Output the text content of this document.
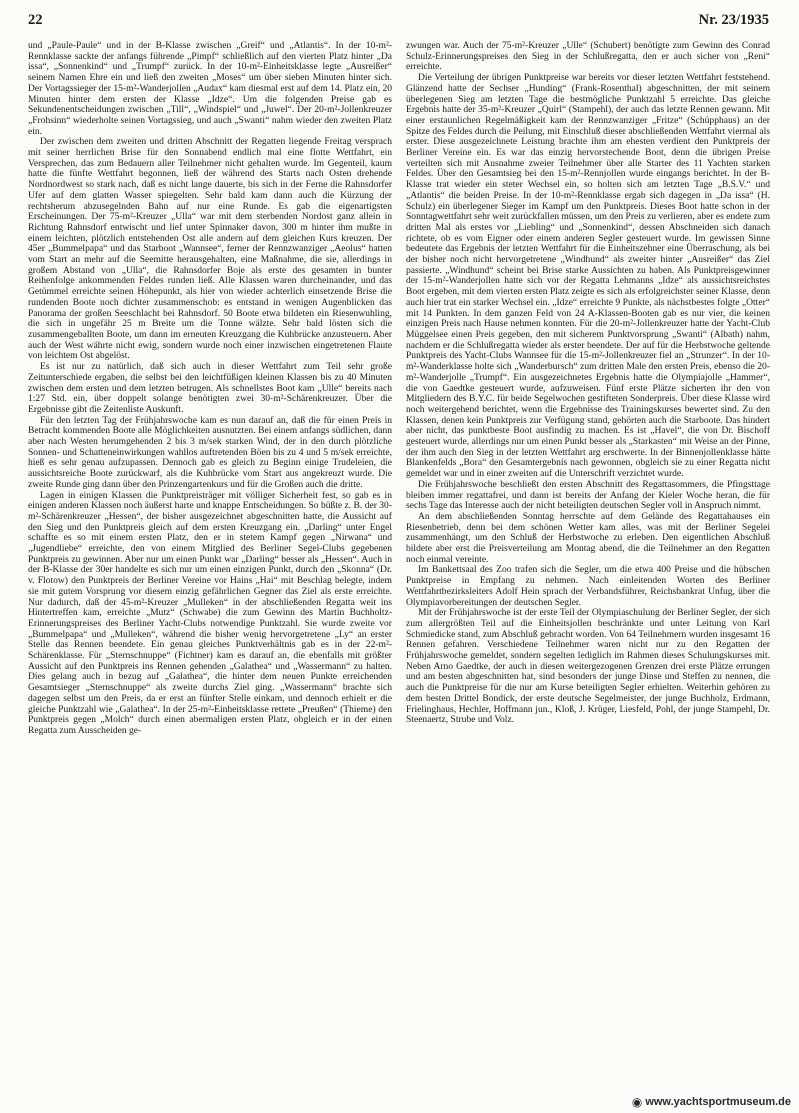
22	Nr. 23/1935

und „Paule-Paule“ und in der B-Klasse zwischen „Greif“ und „Atlantis“. In der 10-m²-Rennklasse sackte der anfangs führende „Pimpf“ schließlich auf den vierten Platz hinter „Da issa“, „Sonnenkind“ und „Trumpf“ zurück. In der 10-m²-Einheitsklasse legte „Ausreißer“ seinem Namen Ehre ein und ließ den zweiten „Moses“ um über sieben Minuten hinter sich. Der Vortagssieger der 15-m²-Wanderjollen „Audax“ kam diesmal erst auf dem 14. Platz ein, 20 Minuten hinter dem ersten der Klasse „Idze“. Um die folgenden Preise gab es Sekundenentscheidungen zwischen „Till“, „Windspiel“ und „Juwel“. Der 20-m²-Jollenkreuzer „Frohsinn“ wiederholte seinen Vortagssieg, und auch „Swanti“ nahm wieder den zweiten Platz ein.

Der zwischen dem zweiten und dritten Abschnitt der Regatten liegende Freitag versprach mit seiner herrlichen Brise für den Sonnabend endlich mal eine flotte Wettfahrt, ein Versprechen, das zum Bedauern aller Teilnehmer nicht gehalten wurde. Im Gegenteil, kaum hatte die fünfte Wettfahrt begonnen, ließ der während des Starts nach Osten drehende Nordnordwest so stark nach, daß es nicht lange dauerte, bis sich in der Ferne die Rahnsdorfer Ufer auf dem glatten Wasser spiegelten. Sehr bald kam dann auch die Kürzung der rechtsherum abzusegelnden Bahn auf nur eine Runde. Es gab die eigenartigsten Erscheinungen. Der 75-m²-Kreuzer „Ulla“ war mit dem sterbenden Nordost ganz allein in Richtung Rahnsdorf entwischt und lief unter Spinnaker davon, 300 m hinter ihm mußte in einem leichten, plötzlich entstehenden Ost alle andern auf dem gleichen Kurs kreuzen. Der 45er „Bummelpapa“ und das Starboot „Wannsee“, ferner der Rennzwanziger „Aeolus“ hatten vom Start an mehr auf die Seemitte herausgehalten, eine Maßnahme, die sie, allerdings in großem Abstand von „Ulla“, die Rahnsdorfer Boje als erste des gesamten in bunter Reihenfolge ankommenden Feldes runden ließ. Alle Klassen waren durcheinander, und das Getümmel erreichte seinen Höhepunkt, als hier von wieder achterlich einsetzende Brise die rundenden Boote noch dichter zusammenschob: es entstand in wenigen Augenblicken das Panorama der großen Seeschlacht bei Rahnsdorf. 50 Boote etwa bildeten ein Riesenwuhling, die sich in ungefähr 25 m Breite um die Tonne wälzte. Sehr bald lösten sich die zusammengeballten Boote, um dann im erneuten Kreuzgang die Kuhbrücke anzusteuern. Aber auch der West währte nicht ewig, sondern wurde noch einer inzwischen eingetretenen Flaute von leichtem Ost abgelöst.

Es ist nur zu natürlich, daß sich auch in dieser Wettfahrt zum Teil sehr große Zeitunterschiede ergaben, die selbst bei den leichtfüßigen kleinen Klassen bis zu 40 Minuten zwischen dem ersten und dem letzten betrugen. Als schnellstes Boot kam „Ulle“ bereits nach 1:27 Std. ein, über doppelt solange benötigten zwei 30-m²-Schärenkreuzer. Über die Ergebnisse gibt die Zeitenliste Auskunft.

Für den letzten Tag der Frühjahrswoche kam es nun darauf an, daß die für einen Preis in Betracht kommenden Boote alle Möglichkeiten ausnutzten. Bei einem anfangs südlichen, dann aber nach Westen herumgehenden 2 bis 3 m/sek starken Wind, der in den durch plötzliche Sonnen- und Schatteneinwirkungen wahllos auftretenden Böen bis zu 4 und 5 m/sek erreichte, hieß es sehr genau aufzupassen. Dennoch gab es gleich zu Beginn einige Trudeleien, die aussichtsreiche Boote zurückwarf, als die Kuhbrücke vom Start aus angekreuzt wurde. Die zweite Runde ging dann über den Prinzengartenkurs und für die Großen auch die dritte.

Lagen in einigen Klassen die Punktpreisträger mit völliger Sicherheit fest, so gab es in einigen anderen Klassen noch äußerst harte und knappe Entscheidungen. So büßte z. B. der 30-m²-Schärenkreuzer „Hessen“, der bisher ausgezeichnet abgeschnitten hatte, die Aussicht auf den Sieg und den Punktpreis gleich auf dem ersten Kreuzgang ein. „Darling“ unter Engel schaffte es so mit einem ersten Platz, den er in stetem Kampf gegen „Nirwana“ und „Jugendliebe“ erreichte, den von einem Mitglied des Berliner Segel-Clubs gegebenen Punktpreis zu gewinnen. Aber nur um einen Punkt war „Darling“ besser als „Hessen“. Auch in der B-Klasse der 30er handelte es sich nur um einen einzigen Punkt, durch den „Skonna“ (Dr. v. Flotow) den Punktpreis der Berliner Vereine vor Hains „Hai“ mit Beschlag belegte, indem sie mit gutem Vorsprung vor diesem einzig gefährlichen Gegner das Ziel als erste erreichte. Nur dadurch, daß der 45-m²-Kreuzer „Mulleken“ in der abschließenden Regatta weit ins Hintertreffen kam, erreichte „Mutz“ (Schwabe) die zum Gewinn des Martin Buchholtz-Erinnerungspreises des Berliner Yacht-Clubs notwendige Punktzahl. Sie wurde zweite vor „Bummelpapa“ und „Mulleken“, während die bisher wenig hervorgetretene „Ly“ an erster Stelle das Rennen beendete. Ein genau gleiches Punktverhältnis gab es in der 22-m²-Schärenklasse. Für „Sternschnuppe“ (Fichtner) kam es darauf an, die ebenfalls mit größter Aussicht auf den Punktpreis ins Rennen gehenden „Galathea“ und „Wassermann“ zu halten. Dies gelang auch in bezug auf „Galathea“, die hinter dem neuen Punkte erreichenden Gesamtsieger „Sternschnuppe“ als zweite durchs Ziel ging. „Wassermann“ brachte sich dagegen selbst um den Preis, da er erst an fünfter Stelle einkam, und dennoch erhielt er die gleiche Punktzahl wie „Galathea“. In der 25-m²-Einheitsklasse rettete „Preußen“ (Thieme) den Punktpreis gegen „Molch“ durch einen abermaligen ersten Platz, obgleich er in der einen Regatta zum Ausscheiden ge-

zwungen war. Auch der 75-m²-Kreuzer „Ulle“ (Schubert) benötigte zum Gewinn des Conrad Schulz-Erinnerungspreises den Sieg in der Schlußregatta, den er auch sicher von „Reni“ erreichte.

Die Verteilung der übrigen Punktpreise war bereits vor dieser letzten Wettfahrt feststehend. Glänzend hatte der Sechser „Hunding“ (Frank-Rosenthal) abgeschnitten, der mit seinem überlegenen Sieg am letzten Tage die bestmögliche Punktzahl 5 erreichte. Das gleiche Ergebnis hatte der 35-m²-Kreuzer „Quirl“ (Stampehl), der auch das letzte Rennen gewann. Mit einer erstaunlichen Regelmäßigkeit kam der Rennzwanziger „Fritze“ (Schüpphaus) an der Spitze des Feldes durch die Peilung, mit Einschluß dieser abschließenden Wettfahrt viermal als erster. Diese ausgezeichnete Leistung brachte ihm am ehesten verdient den Punktpreis der Berliner Vereine ein. Es war das einzig hervorstechende Boot, denn die übrigen Preise verteilten sich mit Ausnahme zweier Teilnehmer über alle Starter des 11 Yachten starken Feldes. Über den Gesamtsieg bei den 15-m²-Rennjollen wurde eingangs berichtet. In der B-Klasse trat wieder ein steter Wechsel ein, so holten sich am letzten Tage „B.S.V.“ und „Atlantis“ die beiden Preise. In der 10-m²-Rennklasse ergab sich dagegen in „Da issa“ (H. Schulz) ein überlegener Sieger im Kampf um den Punktpreis. Dieses Boot hatte schon in der Sonntagwettfahrt sehr weit zurückfallen müssen, um den Preis zu verlieren, aber es endete zum dritten Mal als erstes vor „Liebling“ und „Sonnenkind“, dessen Abschneiden sich danach richtete, ob es vom Eigner oder einem anderen Segler gesteuert wurde. Im gewissen Sinne bedeutete das Ergebnis der letzten Wettfahrt für die Einheitszehner eine Überraschung, als bei der bisher noch nicht hervorgetretene „Windhund“ als zweiter hinter „Ausreißer“ das Ziel passierte. „Windhund“ scheint bei Brise starke Aussichten zu haben. Als Punktpreisgewinner der 15-m²-Wanderjollen hatte sich vor der Regatta Lehmanns „Idze“ als aussichtsreichstes Boot ergeben, mit dem vierten ersten Platz zeigte es sich als erfolgreichster seiner Klasse, denn auch hier trat ein starker Wechsel ein. „Idze“ erreichte 9 Punkte, als nächstbestes folgte „Otter“ mit 14 Punkten. In dem ganzen Feld von 24 A-Klassen-Booten gab es nur vier, die keinen einzigen Preis nach Hause nehmen konnten. Für die 20-m²-Jollenkreuzer hatte der Yacht-Club Müggelsee einen Preis gegeben, den mit sicherem Punktvorsprung „Swanti“ (Albath) nahm, nachdem er die Schlußregatta wieder als erster beendete. Der auf für die Herbstwoche geltende Punktpreis des Yacht-Clubs Wannsee für die 15-m²-Jollenkreuzer fiel an „Strunzer“. In der 10-m²-Wanderklasse holte sich „Wanderbursch“ zum dritten Male den ersten Preis, ebenso die 20-m²-Wanderjolle „Trumpf“. Ein ausgezeichnetes Ergebnis hatte die Olympiajolle „Hammer“, die von Gaedtke gesteuert wurde, aufzuweisen. Fünf erste Plätze sicherten ihr den von Mitgliedern des B.Y.C. für beide Segelwochen gestifteten Sonderpreis. Über diese Klasse wird noch weitergehend berichtet, wenn die Ergebnisse des Trainingskurses bewertet sind. Zu den Klassen, denen kein Punktpreis zur Verfügung stand, gehörten auch die Starboote. Das hindert aber nicht, das punktbeste Boot ausfindig zu machen. Es ist „Havel“, die von Dr. Bischoff gesteuert wurde, allerdings nur um einen Punkt besser als „Starkasten“ mit Weise an der Pinne, der ihm auch den Sieg in der letzten Wettfahrt arg erschwerte. In der Binnenjollenklasse hätte Blankenfelds „Bora“ den Gesamtergebnis nach gewonnen, obgleich sie zu einer Regatta nicht gemeldet war und in einer zweiten auf die Unterschrift verzichtet wurde.

Die Frühjahrswoche beschließt den ersten Abschnitt des Regattasommers, die Pfingsttage bleiben immer regattafrei, und dann ist bereits der Anfang der Kieler Woche heran, die für sechs Tage das Interesse auch der nicht beteiligten deutschen Segler voll in Anspruch nimmt.

An dem abschließenden Sonntag herrschte auf dem Gelände des Regattahauses ein Riesenbetrieb, denn bei dem schönen Wetter kam alles, was mit der Berliner Segelei zusammenhängt, um den Schluß der Herbstwoche zu erleben. Den eigentlichen Abschluß bildete aber erst die Preisverteilung am Montag abend, die die Teilnehmer an den Regatten noch einmal vereinte.

Im Bankettsaal des Zoo trafen sich die Segler, um die etwa 400 Preise und die hübschen Punktpreise in Empfang zu nehmen. Nach einleitenden Worten des Berliner Wettfahrtbezirksleiters Adolf Hein sprach der Verbandsführer, Reichsbankrat Unfug, über die Olympiavorbereitungen der deutschen Segler.

Mit der Frühjahrswoche ist der erste Teil der Olympiaschulung der Berliner Segler, der sich zum allergrößten Teil auf die Einheitsjollen beschränkte und unter Leitung von Karl Schmiedicke stand, zum Abschluß gebracht worden. Von 64 Teilnehmern wurden insgesamt 16 Rennen gefahren. Verschiedene Teilnehmer waren nicht nur zu den Regatten der Frühjahrswoche gemeldet, sondern segelten lediglich im Rahmen dieses Schulungskurses mit. Neben Arno Gaedtke, der auch in diesen weitergezogenen Grenzen drei erste Plätze errungen und am besten abgeschnitten hat, sind besonders der junge Dinse und Steffen zu nennen, die auch die Punktpreise für die nur am Kurse beteiligten Segler erhielten. Weiterhin gehören zu dem besten Drittel Bondick, der erste deutsche Segelmeister, der junge Buchholz, Erdmann, Frielinghaus, Hechler, Hoffmann jun., Kloß, J. Krüger, Liesfeld, Pohl, der junge Stampehl, Dr. Steenaertz, Strube und Volz.

◉ www.yachtsportmuseum.de
